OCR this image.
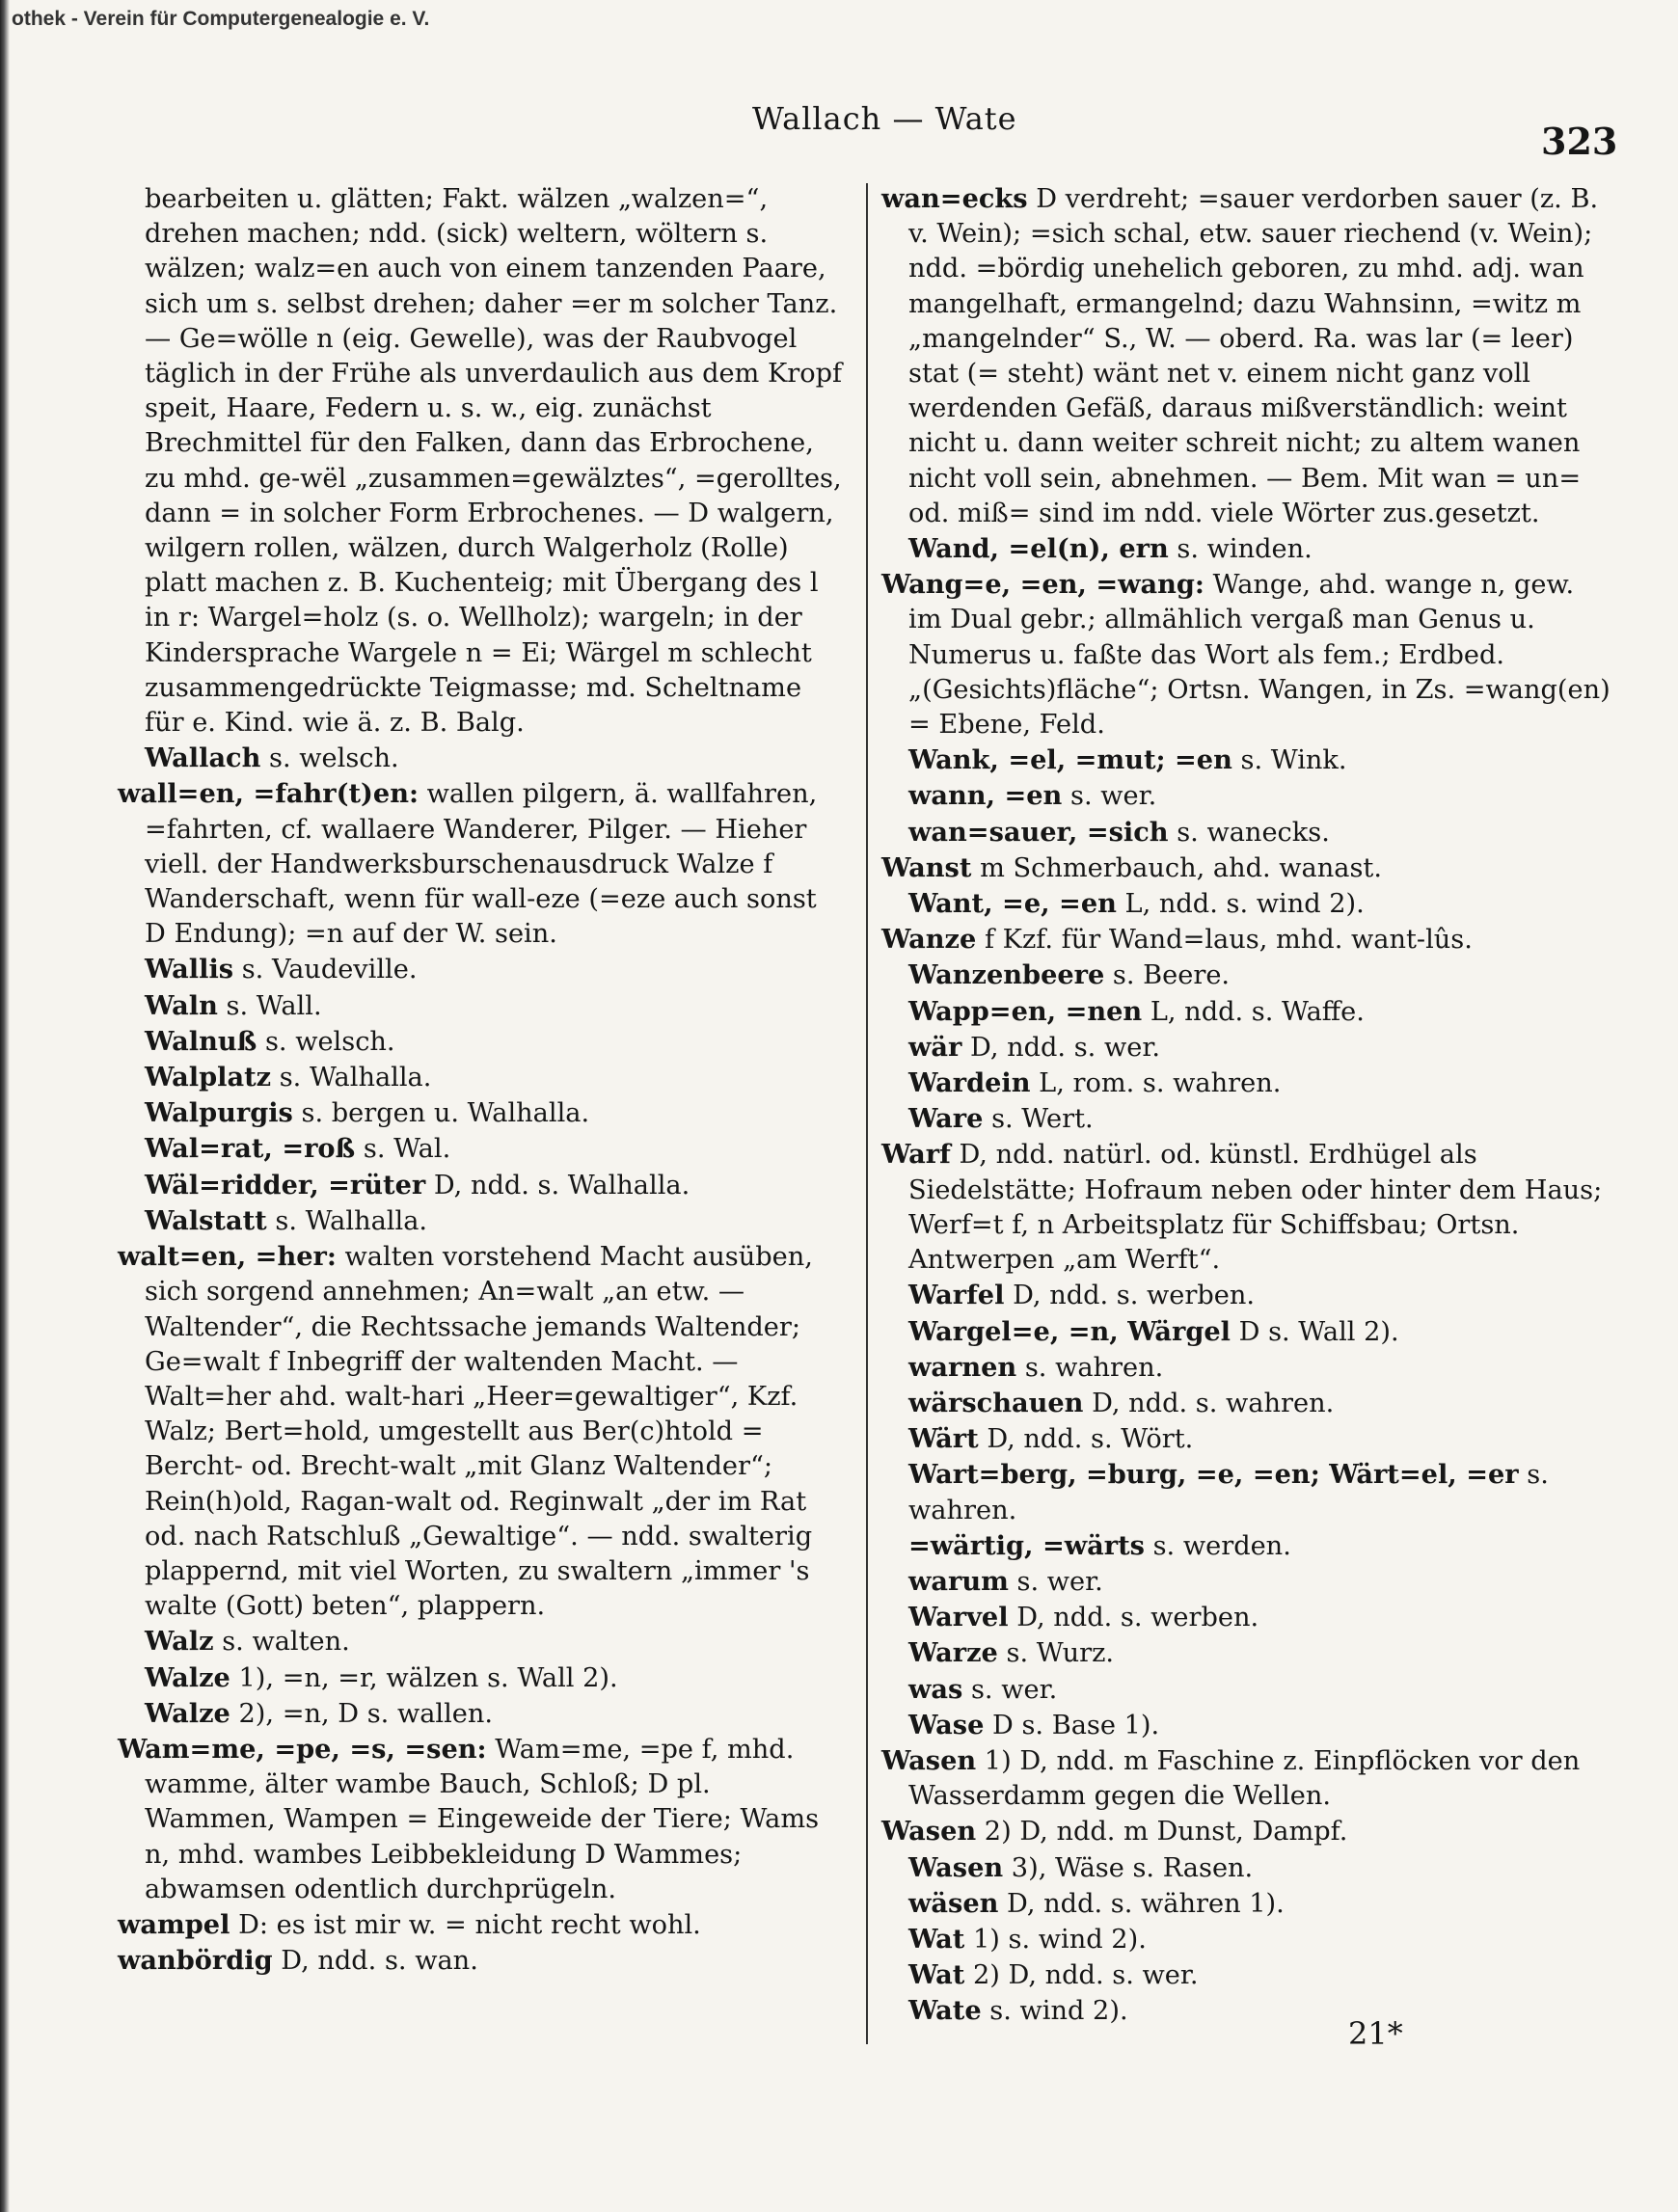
othek - Verein für Computergenealogie e. V.
Wallach — Wate
323

bearbeiten u. glätten; Fakt. wälzen „walzen=“, drehen machen; ndd. (sick) weltern, wöltern s. wälzen; walz=en auch von einem tanzenden Paare, sich um s. selbst drehen; daher =er m solcher Tanz. — Ge=wölle n (eig. Gewelle), was der Raubvogel täglich in der Frühe als unverdaulich aus dem Kropf speit, Haare, Federn u. s. w., eig. zunächst Brechmittel für den Falken, dann das Erbrochene, zu mhd. ge-wël „zusammen=gewälztes“, =gerolltes, dann = in solcher Form Erbrochenes. — D walgern, wilgern rollen, wälzen, durch Walgerholz (Rolle) platt machen z. B. Kuchenteig; mit Übergang des l in r: Wargel=holz (s. o. Wellholz); wargeln; in der Kindersprache Wargele n = Ei; Wärgel m schlecht zusammengedrückte Teigmasse; md. Scheltname für e. Kind. wie ä. z. B. Balg.

Wallach s. welsch.

wall=en, =fahr(t)en: wallen pilgern, ä. wallfahren, =fahrten, cf. wallaere Wanderer, Pilger. — Hieher viell. der Handwerksburschenausdruck Walze f Wanderschaft, wenn für wall-eze (=eze auch sonst D Endung); =n auf der W. sein.

Wallis s. Vaudeville.

Waln s. Wall.

Walnuß s. welsch.

Walplatz s. Walhalla.

Walpurgis s. bergen u. Walhalla.

Wal=rat, =roß s. Wal.

Wäl=ridder, =rüter D, ndd. s. Walhalla.

Walstatt s. Walhalla.

walt=en, =her: walten vorstehend Macht ausüben, sich sorgend annehmen; An=walt „an etw. — Waltender“, die Rechtssache jemands Waltender; Ge=walt f Inbegriff der waltenden Macht. — Walt=her ahd. walt-hari „Heer=gewaltiger“, Kzf. Walz; Bert=hold, umgestellt aus Ber(c)htold = Bercht- od. Brecht-walt „mit Glanz Waltender“; Rein(h)old, Ragan-walt od. Reginwalt „der im Rat od. nach Ratschluß „Gewaltige“. — ndd. swalterig plappernd, mit viel Worten, zu swaltern „immer 's walte (Gott) beten“, plappern.

Walz s. walten.

Walze 1), =n, =r, wälzen s. Wall 2).

Walze 2), =n, D s. wallen.

Wam=me, =pe, =s, =sen: Wam=me, =pe f, mhd. wamme, älter wambe Bauch, Schloß; D pl. Wammen, Wampen = Eingeweide der Tiere; Wams n, mhd. wambes Leibbekleidung D Wammes; abwamsen odentlich durchprügeln.

wampel D: es ist mir w. = nicht recht wohl.

wanbördig D, ndd. s. wan.

wan=ecks D verdreht; =sauer verdorben sauer (z. B. v. Wein); =sich schal, etw. sauer riechend (v. Wein); ndd. =bördig unehelich geboren, zu mhd. adj. wan mangelhaft, ermangelnd; dazu Wahnsinn, =witz m „mangelnder“ S., W. — oberd. Ra. was lar (= leer) stat (= steht) wänt net v. einem nicht ganz voll werdenden Gefäß, daraus mißverständlich: weint nicht u. dann weiter schreit nicht; zu altem wanen nicht voll sein, abnehmen. — Bem. Mit wan = un= od. miß= sind im ndd. viele Wörter zus.gesetzt.

Wand, =el(n), ern s. winden.

Wang=e, =en, =wang: Wange, ahd. wange n, gew. im Dual gebr.; allmählich vergaß man Genus u. Numerus u. faßte das Wort als fem.; Erdbed. „(Gesichts)fläche“; Ortsn. Wangen, in Zs. =wang(en) = Ebene, Feld.

Wank, =el, =mut; =en s. Wink.

wann, =en s. wer.

wan=sauer, =sich s. wanecks.

Wanst m Schmerbauch, ahd. wanast.

Want, =e, =en L, ndd. s. wind 2).

Wanze f Kzf. für Wand=laus, mhd. want-lûs.

Wanzenbeere s. Beere.

Wapp=en, =nen L, ndd. s. Waffe.

wär D, ndd. s. wer.

Wardein L, rom. s. wahren.

Ware s. Wert.

Warf D, ndd. natürl. od. künstl. Erdhügel als Siedelstätte; Hofraum neben oder hinter dem Haus; Werf=t f, n Arbeitsplatz für Schiffsbau; Ortsn. Antwerpen „am Werft“.

Warfel D, ndd. s. werben.

Wargel=e, =n, Wärgel D s. Wall 2).

warnen s. wahren.

wärschauen D, ndd. s. wahren.

Wärt D, ndd. s. Wört.

Wart=berg, =burg, =e, =en; Wärt=el, =er s. wahren.

=wärtig, =wärts s. werden.

warum s. wer.

Warvel D, ndd. s. werben.

Warze s. Wurz.

was s. wer.

Wase D s. Base 1).

Wasen 1) D, ndd. m Faschine z. Einpflöcken vor den Wasserdamm gegen die Wellen.

Wasen 2) D, ndd. m Dunst, Dampf.

Wasen 3), Wäse s. Rasen.

wäsen D, ndd. s. währen 1).

Wat 1) s. wind 2).

Wat 2) D, ndd. s. wer.

Wate s. wind 2).

21*
